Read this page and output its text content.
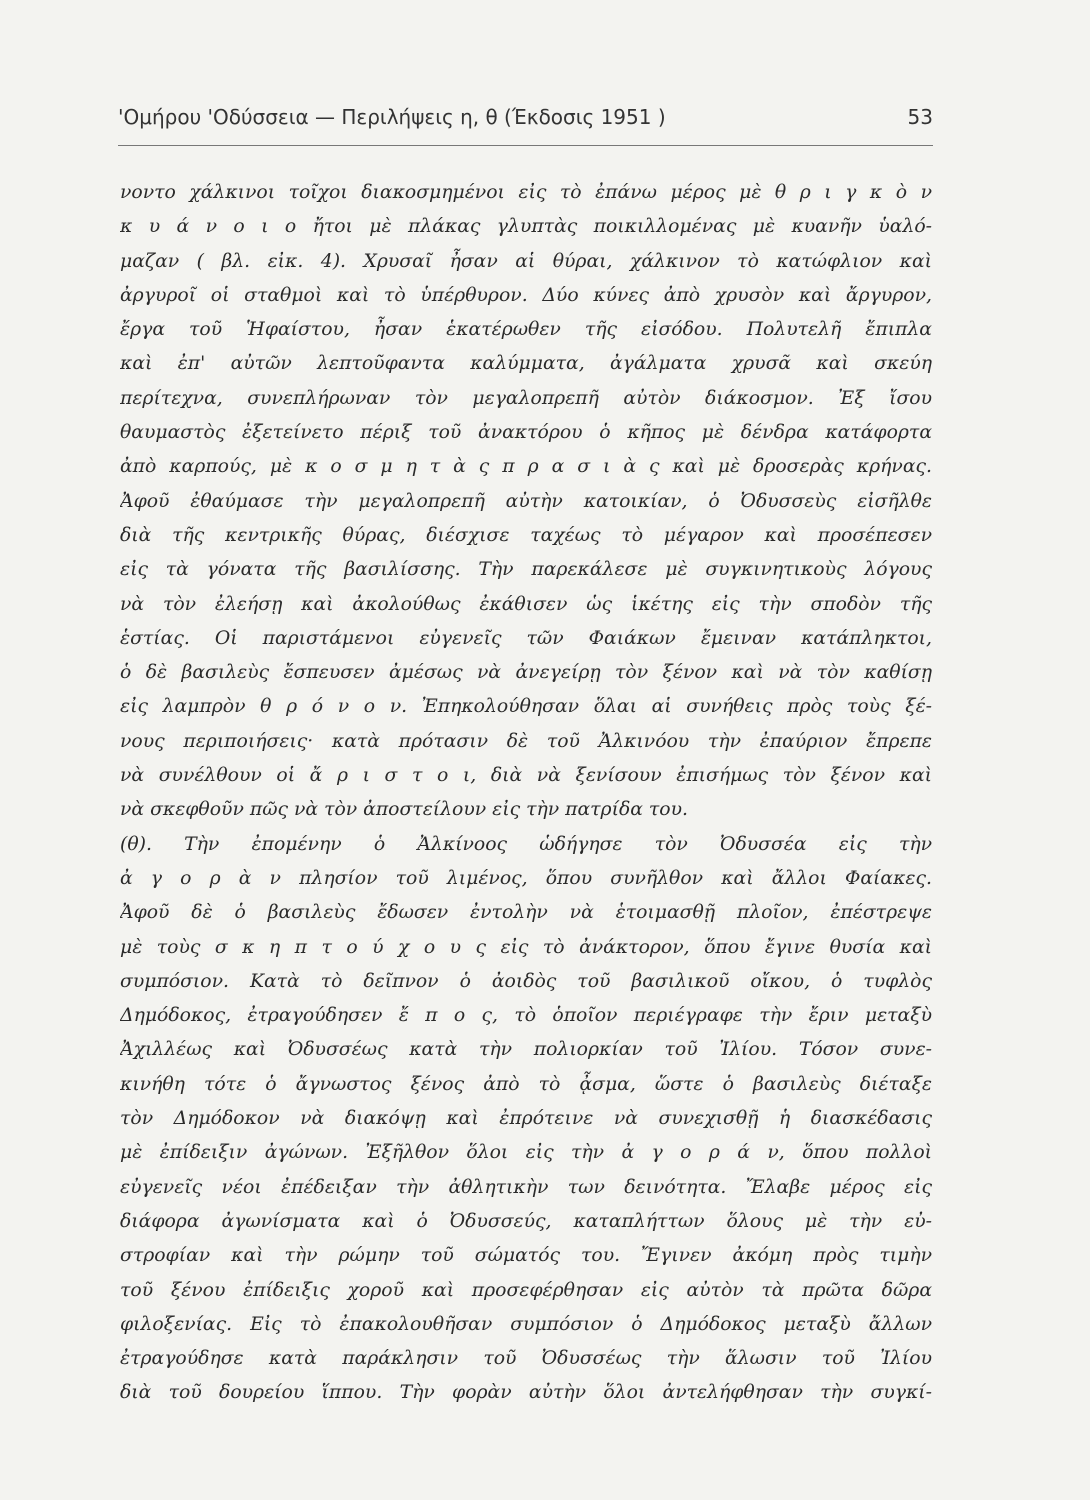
'Ομήρου 'Οδύσσεια — Περιλήψεις η, θ (Έκδοσις 1951 )	53
νοντο χάλκινοι τοῖχοι διακοσμημένοι εἰς τὸ ἐπάνω μέρος μὲ θ ρ ι γ κ ὸ ν
κ υ ά ν ο ι ο ἤτοι μὲ πλάκας γλυπτὰς ποικιλλομένας μὲ κυανῆν ὑαλό-
μαζαν ( βλ. εἰκ. 4). Χρυσαῖ ἦσαν αἱ θύραι, χάλκινον τὸ κατώφλιον καὶ
ἀργυροῖ οἱ σταθμοὶ καὶ τὸ ὑπέρθυρον. Δύο κύνες ἀπὸ χρυσὸν καὶ ἄργυρον,
ἔργα τοῦ Ἡφαίστου, ἦσαν ἑκατέρωθεν τῆς εἰσόδου. Πολυτελῆ ἔπιπλα
καὶ ἐπ' αὐτῶν λεπτοῦφαντα καλύμματα, ἀγάλματα χρυσᾶ καὶ σκεύη
περίτεχνα, συνεπλήρωναν τὸν μεγαλοπρεπῆ αὐτὸν διάκοσμον. Ἐξ ἴσου
θαυμαστὸς ἐξετείνετο πέριξ τοῦ ἀνακτόρου ὁ κῆπος μὲ δένδρα κατάφορτα
ἀπὸ καρπούς, μὲ κ ο σ μ η τ ὰ ς π ρ α σ ι ὰ ς καὶ μὲ δροσερὰς κρήνας.
Ἀφοῦ ἐθαύμασε τὴν μεγαλοπρεπῆ αὐτὴν κατοικίαν, ὁ Ὀδυσσεὺς εἰσῆλθε
διὰ τῆς κεντρικῆς θύρας, διέσχισε ταχέως τὸ μέγαρον καὶ προσέπεσεν
εἰς τὰ γόνατα τῆς βασιλίσσης. Τὴν παρεκάλεσε μὲ συγκινητικοὺς λόγους
νὰ τὸν ἐλεήσῃ καὶ ἀκολούθως ἐκάθισεν ὡς ἱκέτης εἰς τὴν σποδὸν τῆς
ἑστίας. Οἱ παριστάμενοι εὐγενεῖς τῶν Φαιάκων ἔμειναν κατάπληκτοι,
ὁ δὲ βασιλεὺς ἔσπευσεν ἀμέσως νὰ ἀνεγείρῃ τὸν ξένον καὶ νὰ τὸν καθίσῃ
εἰς λαμπρὸν θ ρ ό ν ο ν. Ἐπηκολούθησαν ὅλαι αἱ συνήθεις πρὸς τοὺς ξέ-
νους περιποιήσεις· κατὰ πρότασιν δὲ τοῦ Ἀλκινόου τὴν ἐπαύριον ἔπρεπε
νὰ συνέλθουν οἱ ἄ ρ ι σ τ ο ι, διὰ νὰ ξενίσουν ἐπισήμως τὸν ξένον καὶ
νὰ σκεφθοῦν πῶς νὰ τὸν ἀποστείλουν εἰς τὴν πατρίδα του.
(θ). Τὴν ἐπομένην ὁ Ἀλκίνοος ὡδήγησε τὸν Ὀδυσσέα εἰς τὴν
ἀ γ ο ρ ὰ ν πλησίον τοῦ λιμένος, ὅπου συνῆλθον καὶ ἄλλοι Φαίακες.
Ἀφοῦ δὲ ὁ βασιλεὺς ἔδωσεν ἐντολὴν νὰ ἑτοιμασθῇ πλοῖον, ἐπέστρεψε
μὲ τοὺς σ κ η π τ ο ύ χ ο υ ς εἰς τὸ ἀνάκτορον, ὅπου ἔγινε θυσία καὶ
συμπόσιον. Κατὰ τὸ δεῖπνον ὁ ἀοιδὸς τοῦ βασιλικοῦ οἴκου, ὁ τυφλὸς
Δημόδοκος, ἐτραγούδησεν ἔ π ο ς, τὸ ὁποῖον περιέγραφε τὴν ἔριν μεταξὺ
Ἀχιλλέως καὶ Ὀδυσσέως κατὰ τὴν πολιορκίαν τοῦ Ἰλίου. Τόσον συνε-
κινήθη τότε ὁ ἄγνωστος ξένος ἀπὸ τὸ ᾆσμα, ὥστε ὁ βασιλεὺς διέταξε
τὸν Δημόδοκον νὰ διακόψῃ καὶ ἐπρότεινε νὰ συνεχισθῇ ἡ διασκέδασις
μὲ ἐπίδειξιν ἀγώνων. Ἐξῆλθον ὅλοι εἰς τὴν ἀ γ ο ρ ά ν, ὅπου πολλοὶ
εὐγενεῖς νέοι ἐπέδειξαν τὴν ἀθλητικὴν των δεινότητα. Ἔλαβε μέρος εἰς
διάφορα ἀγωνίσματα καὶ ὁ Ὀδυσσεύς, καταπλήττων ὅλους μὲ τὴν εὐ-
στροφίαν καὶ τὴν ρώμην τοῦ σώματός του. Ἔγινεν ἀκόμη πρὸς τιμὴν
τοῦ ξένου ἐπίδειξις χοροῦ καὶ προσεφέρθησαν εἰς αὐτὸν τὰ πρῶτα δῶρα
φιλοξενίας. Εἰς τὸ ἐπακολουθῆσαν συμπόσιον ὁ Δημόδοκος μεταξὺ ἄλλων
ἐτραγούδησε κατὰ παράκλησιν τοῦ Ὀδυσσέως τὴν ἅλωσιν τοῦ Ἰλίου
διὰ τοῦ δουρείου ἵππου. Τὴν φορὰν αὐτὴν ὅλοι ἀντελήφθησαν τὴν συγκί-
